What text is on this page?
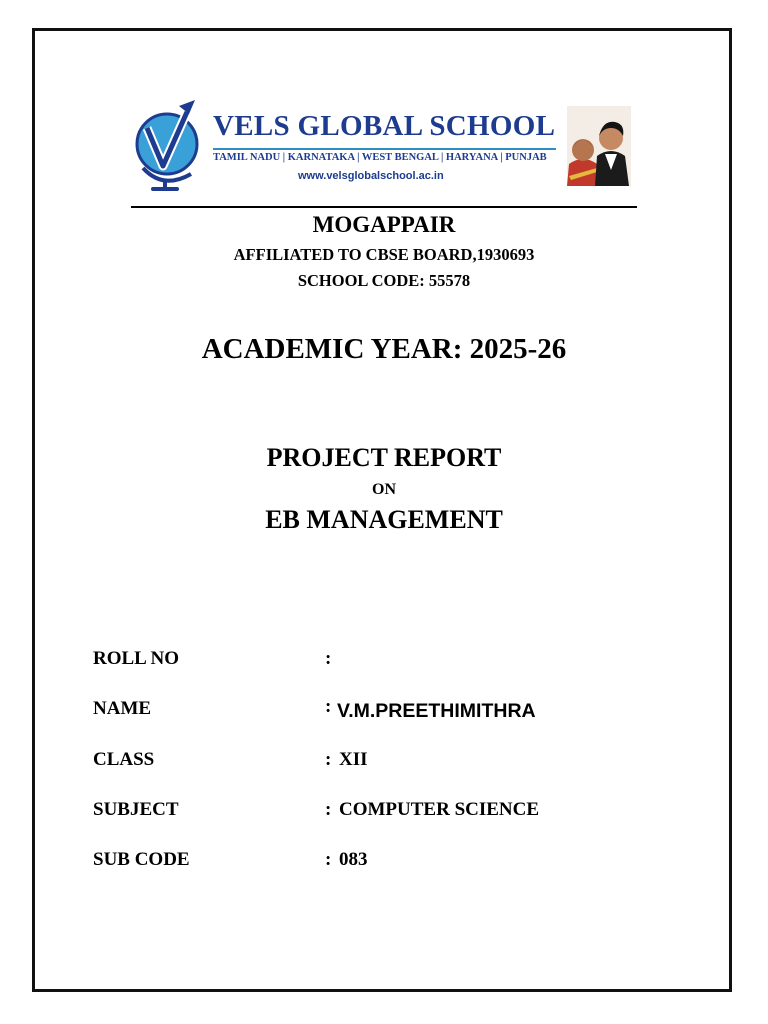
VELS GLOBAL SCHOOL
TAMIL NADU | KARNATAKA | WEST BENGAL | HARYANA | PUNJAB
www.velsglobalschool.ac.in
MOGAPPAIR
AFFILIATED TO CBSE BOARD,1930693
SCHOOL CODE: 55578
ACADEMIC YEAR: 2025-26
PROJECT REPORT
ON
EB MANAGEMENT
ROLL NO	:
NAME	: V.M.PREETHIMITHRA
CLASS	: XII
SUBJECT	: COMPUTER SCIENCE
SUB CODE	: 083
